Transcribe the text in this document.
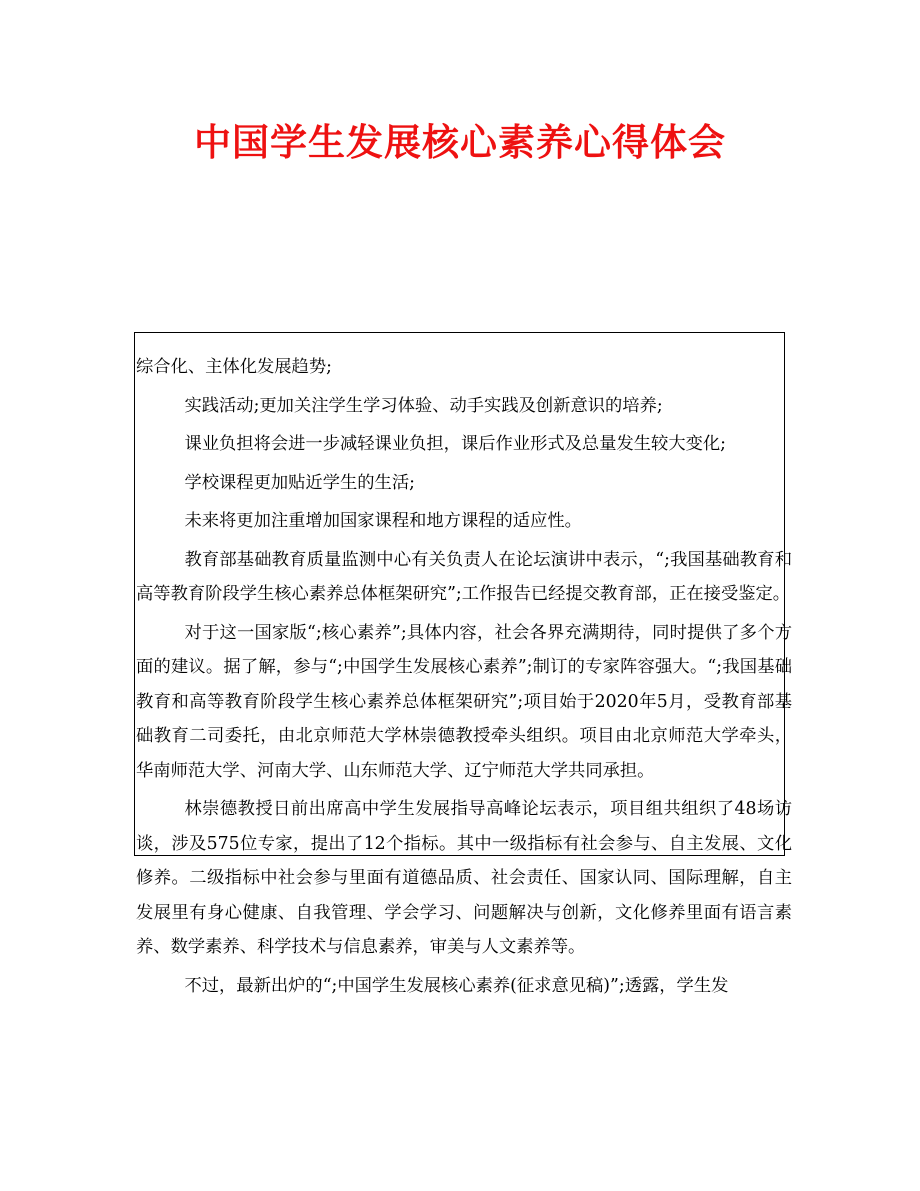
中国学生发展核心素养心得体会

综合化、主体化发展趋势;

实践活动;更加关注学生学习体验、动手实践及创新意识的培养;

课业负担将会进一步减轻课业负担，课后作业形式及总量发生较大变化;

学校课程更加贴近学生的生活;

未来将更加注重增加国家课程和地方课程的适应性。

教育部基础教育质量监测中心有关负责人在论坛演讲中表示，“;我国基础教育和高等教育阶段学生核心素养总体框架研究”;工作报告已经提交教育部，正在接受鉴定。

对于这一国家版“;核心素养”;具体内容，社会各界充满期待，同时提供了多个方面的建议。据了解，参与“;中国学生发展核心素养”;制订的专家阵容强大。“;我国基础教育和高等教育阶段学生核心素养总体框架研究”;项目始于2020年5月，受教育部基础教育二司委托，由北京师范大学林崇德教授牵头组织。项目由北京师范大学牵头，华南师范大学、河南大学、山东师范大学、辽宁师范大学共同承担。

林崇德教授日前出席高中学生发展指导高峰论坛表示，项目组共组织了48场访谈，涉及575位专家，提出了12个指标。其中一级指标有社会参与、自主发展、文化修养。二级指标中社会参与里面有道德品质、社会责任、国家认同、国际理解，自主发展里有身心健康、自我管理、学会学习、问题解决与创新，文化修养里面有语言素养、数学素养、科学技术与信息素养，审美与人文素养等。

不过，最新出炉的“;中国学生发展核心素养(征求意见稿)”;透露，学生发
